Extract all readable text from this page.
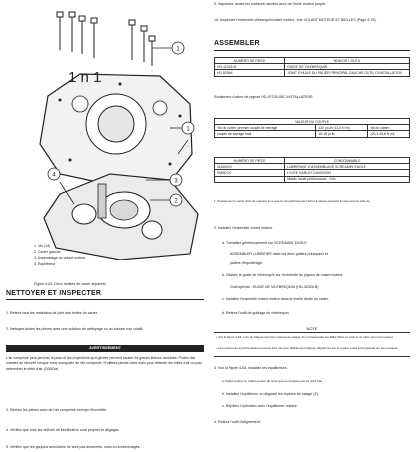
1
1
2
3
4
1 n 1
1. Vis (14)
2. Carter gauche
3. Assemblage du volant moteur
4. Équilibreur
Figure 4-63. Deux moitiés de carter séparées
NETTOYER ET INSPECTER
1. Retirez tous les matériaux de joint des brides du carter.
2. Nettoyez toutes les pièces avec une solution de nettoyage ou un solvant non volatil.
AVERTISSEMENT
L'air comprimé peut perforer la peau et les projections qu'il génère peuvent causer de graves lésions oculaires. Portez des lunettes de sécurité lorsque vous manipulez de l'air comprimé. N'utilisez jamais votre main pour détecter les fuites d'air ou pour déterminer le débit d'air. (00061a)
3. Séchez les pièces avec de l'air comprimé exempt d'humidité.
4. Vérifiez que tous les orifices de lubrification sont propres et dégagés.
5. Vérifiez que les goujons annulaires ne sont pas desserrés, usés ou endommagés.
9. Vaporisez toutes les surfaces usinées avec de l'huile moteur propre.
10. Inspectez l'ensemble vilebrequin/volant moteur. Voir VOLANT MOTEUR ET BIELLES (Page 4-75).
ASSEMBLER
NUMÉRO DE PIÈCE	NOM DE L'OUTIL
HD-42326-B	GUIDE DE VILEBREQUIN
HD-52064	JOINT D'HUILE DU PALIER PRINCIPAL GAUCHE OUTIL D'INSTALLATION
Roulement d'arbre de pignon HD-97225-55C INSTALLATEUR
VALEUR DU COUPLE		
Vis du carter, premier couple de serrage	120 po-lb (13,6 N·m)	vis du carter,
couple de serrage final	15-19 pi-lb	(20,3-25,8 N·m)
NUMÉRO DE PIÈCE	CONSOMMABLE
11300002	LUBRIFIANT D'ASSEMBLAGE SCREAMIN' EAGLE
99650-02	LYCÉE HARLEY-DAVIDSON
	Mastic haute performance - Gris
1. Positionnez le carter droit de manière à ce que le compartiment de l'arbre à cames soit face à vous avec le côté de
2. Installez l'ensemble volant moteur.
a. Travaillez généreusement sur SCREAMIN' EAGLE
ASSEMBLER LUBRIFIER dans les deux paliers principaux et
paliers d'équilibrage.
b. Glissez le guide de vilebrequin sur l'extrémité du pignon de volant moteur.
Outil spécial : GUIDE DE VILEBREQUIN (HD-42326-B)
c. Installez l'ensemble volant moteur dans le moitié droite du carter.
d. Retirez l'outil de guidage du vilebrequin.
NOTE
• Voir la figure 4-64. Lors de l'alignement des repères de calage, les correspondre les Balis Tailor ce total et un carré pour tout moteur.
• Les repères de synchronisation peuvent être mis plus difficilement aligner. Alignez les sur le repère à des point gauche sur les pourquoi.
3. Voir la figure 4-64. Installez les équilibreurs.
a. Faites tourner le volant moteur de sorte que le marquée soit au point bas
b. Installez l'équilibreur en alignant les repères de calage (2).
c. Répétez l'opération avec l'équilibreur restant.
4. Retirez l'outil d'alignement.
